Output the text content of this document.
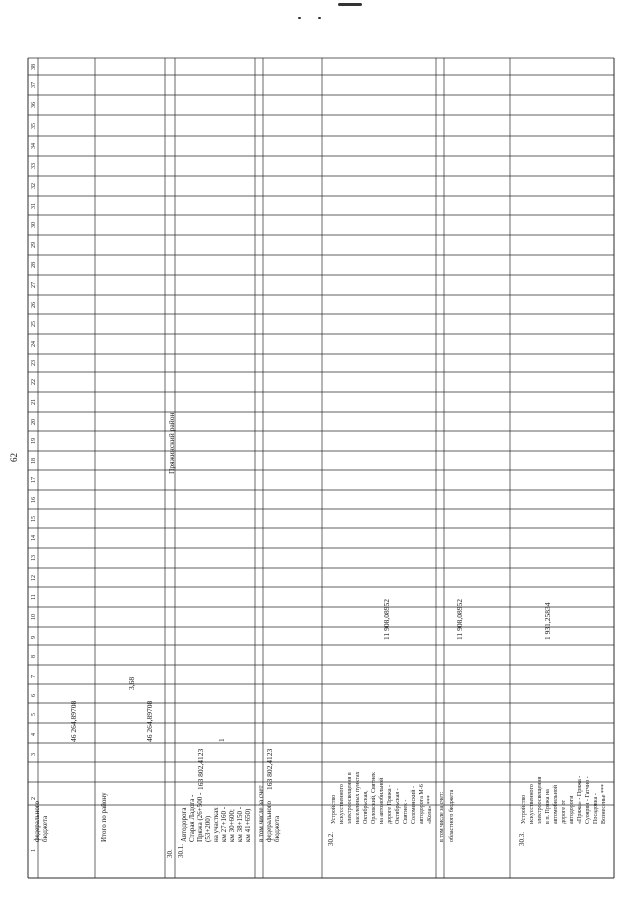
62	Пряжинский район
федерального
бюджета
46 264,89708
Итого по району
46 264,89708
3,68
30. 30.1.
Автодорога
Старая Ладога -
Пряжа (26+500 -
(53+200)
на участках
км 27+160 -
км 30+600;
км 38+150 -
км 41+650)
163 802,4123
1
в том числе за счет
федерального
бюджета
163 802,4123
30.2.
Устройство
искусственного
электроосвещения в
населенных пунктах
Октябрьская,
Орловский, Святнек
на автомобильной
дороге Пряжа -
Октябрьская -
Святнек -
Соломенский -
автодорога М-6
«Кола» ***
11 908,08952
в том числе за счет: областного бюджета
11 908,08952
30.3.
Устройство
искусственного
электроосвещения
в п. Пряжа на
автомобильной
дороге от
автодороги
«Пряжа» - Пряжа -
Суоярви - Гатчно -
Посадовка -
Вознесенье ***
1 931,25834
1
2
3
4
5
6
7
8
9
10
11
12
13
14
15
16
17
18
19
20
21
22
23
24
25
26
27
28
29
30
31
32
33
34
35
36
37
38
